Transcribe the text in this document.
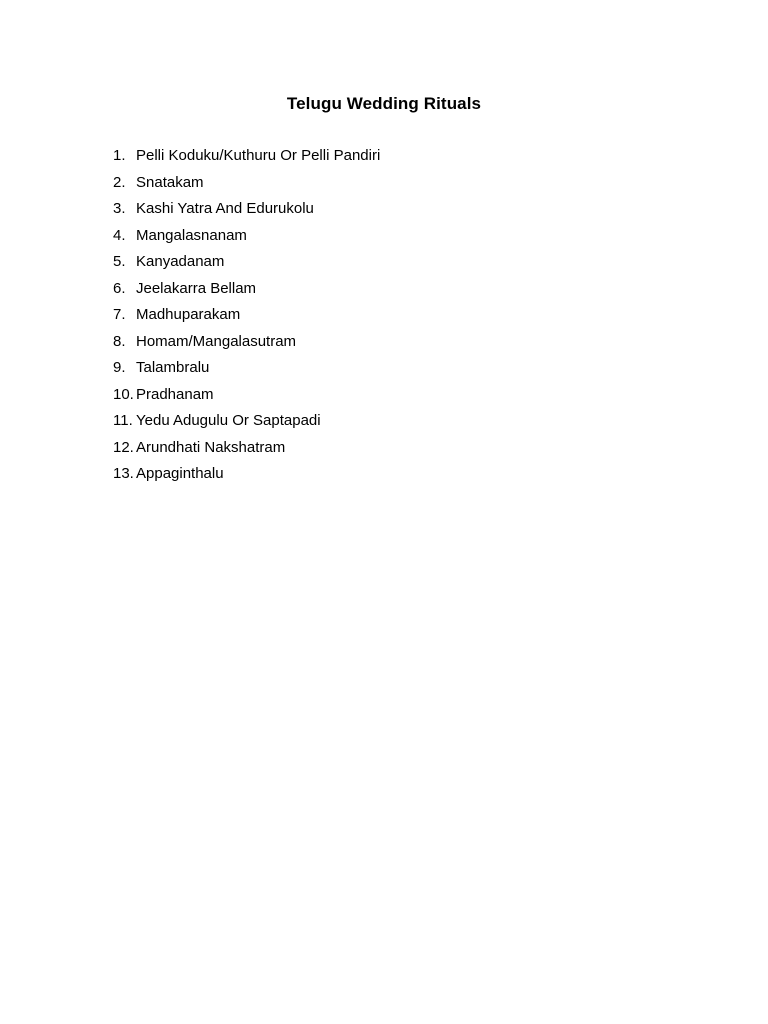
Telugu Wedding Rituals
1. Pelli Koduku/Kuthuru Or Pelli Pandiri
2. Snatakam
3. Kashi Yatra And Edurukolu
4. Mangalasnanam
5. Kanyadanam
6. Jeelakarra Bellam
7. Madhuparakam
8. Homam/Mangalasutram
9. Talambralu
10. Pradhanam
11. Yedu Adugulu Or Saptapadi
12. Arundhati Nakshatram
13. Appaginthalu
